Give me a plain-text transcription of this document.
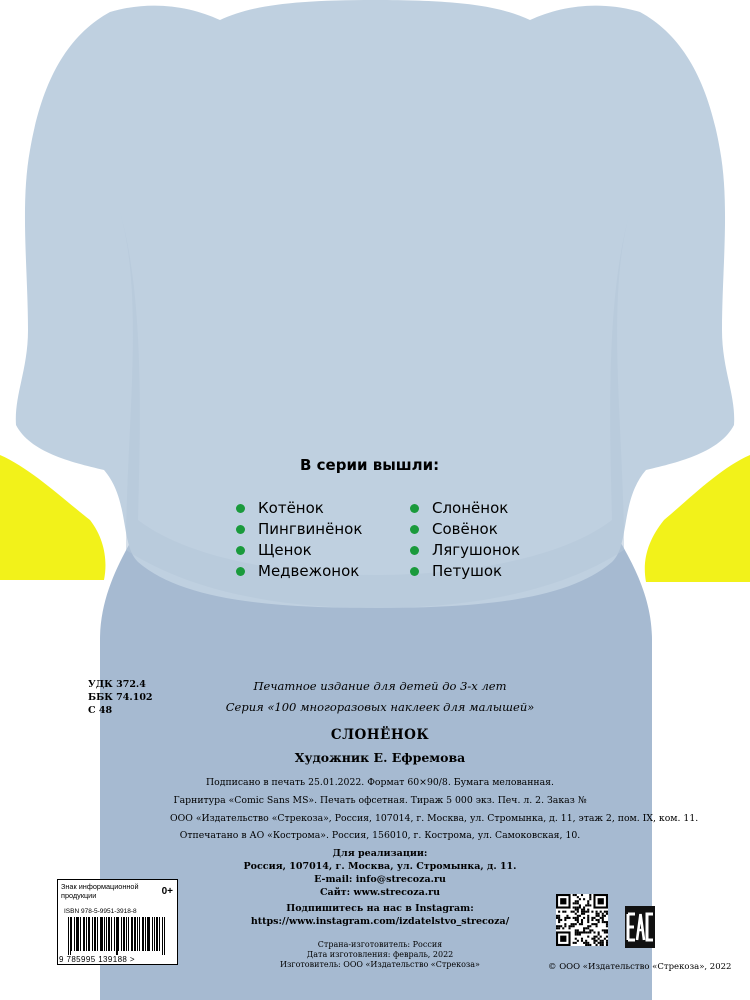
В серии вышли:
Котёнок
Пингвинёнок
Щенок
Медвежонок
Слонёнок
Совёнок
Лягушонок
Петушок
УДК 372.4
ББК 74.102
С 48
Печатное издание для детей до 3-х лет
Серия «100 многоразовых наклеек для малышей»
СЛОНЁНОК
Художник Е. Ефремова
Подписано в печать 25.01.2022. Формат 60×90/8. Бумага мелованная.
Гарнитура «Comic Sans MS». Печать офсетная. Тираж 5 000 экз. Печ. л. 2. Заказ №
ООО «Издательство «Стрекоза», Россия, 107014, г. Москва, ул. Стромынка, д. 11, этаж 2, пом. IX, ком. 11.
Отпечатано в АО «Кострома». Россия, 156010, г. Кострома, ул. Самоковская, 10.
Для реализации:
Россия, 107014, г. Москва, ул. Стромынка, д. 11.
E-mail: info@strecoza.ru
Сайт: www.strecoza.ru
Подпишитесь на нас в Instagram:
https://www.instagram.com/izdatelstvo_strecoza/
Страна-изготовитель: Россия
Дата изготовления: февраль, 2022
Изготовитель: ООО «Издательство «Стрекоза»
Знак информационной продукции	0+
ISBN 978-5-9951-3918-8
9 785995 139188 >
© ООО «Издательство «Стрекоза», 2022
